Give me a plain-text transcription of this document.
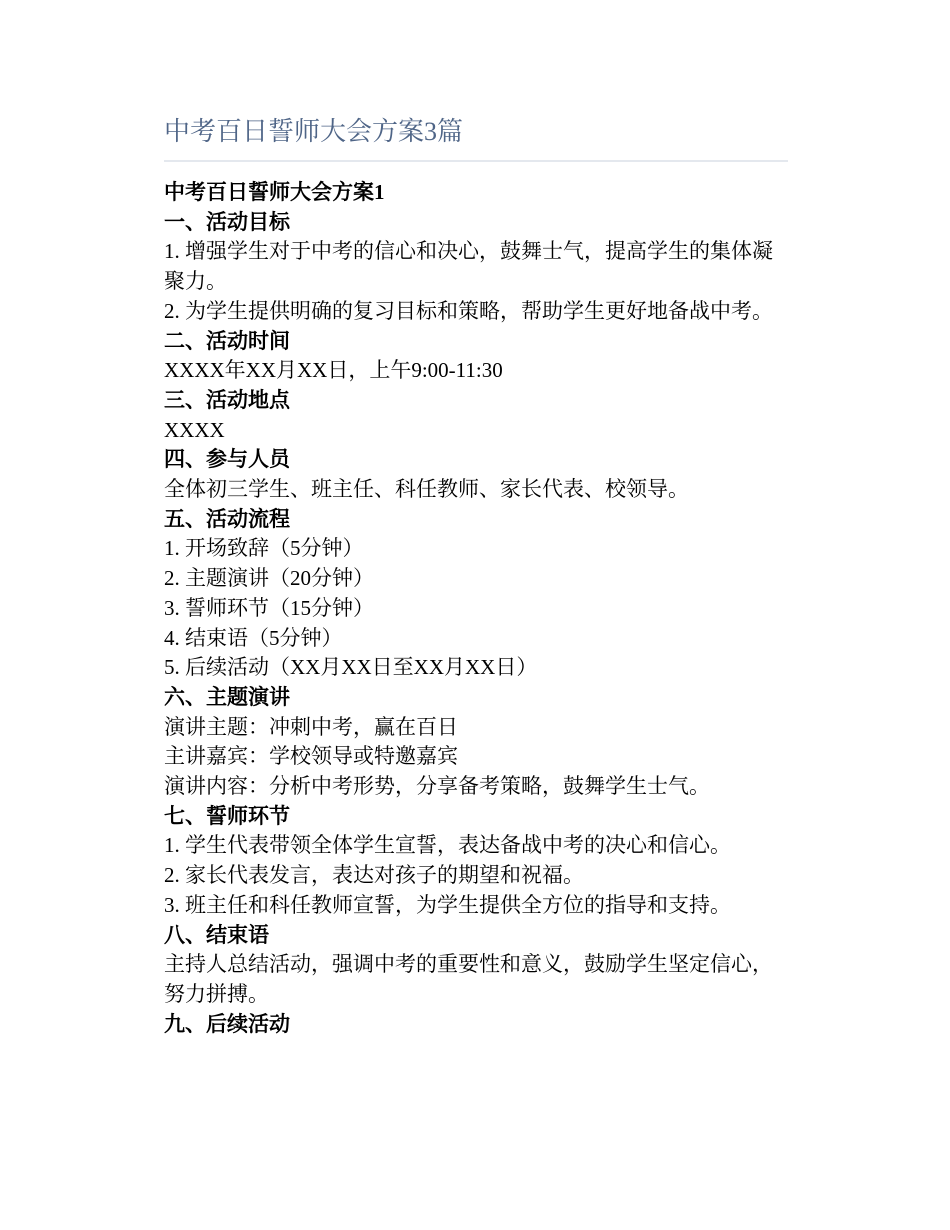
中考百日誓师大会方案3篇
中考百日誓师大会方案1
一、活动目标
1. 增强学生对于中考的信心和决心，鼓舞士气，提高学生的集体凝聚力。
2. 为学生提供明确的复习目标和策略，帮助学生更好地备战中考。
二、活动时间
XXXX年XX月XX日，上午9:00-11:30
三、活动地点
XXXX
四、参与人员
全体初三学生、班主任、科任教师、家长代表、校领导。
五、活动流程
1. 开场致辞（5分钟）
2. 主题演讲（20分钟）
3. 誓师环节（15分钟）
4. 结束语（5分钟）
5. 后续活动（XX月XX日至XX月XX日）
六、主题演讲
演讲主题：冲刺中考，赢在百日
主讲嘉宾：学校领导或特邀嘉宾
演讲内容：分析中考形势，分享备考策略，鼓舞学生士气。
七、誓师环节
1. 学生代表带领全体学生宣誓，表达备战中考的决心和信心。
2. 家长代表发言，表达对孩子的期望和祝福。
3. 班主任和科任教师宣誓，为学生提供全方位的指导和支持。
八、结束语
主持人总结活动，强调中考的重要性和意义，鼓励学生坚定信心，努力拼搏。
九、后续活动
